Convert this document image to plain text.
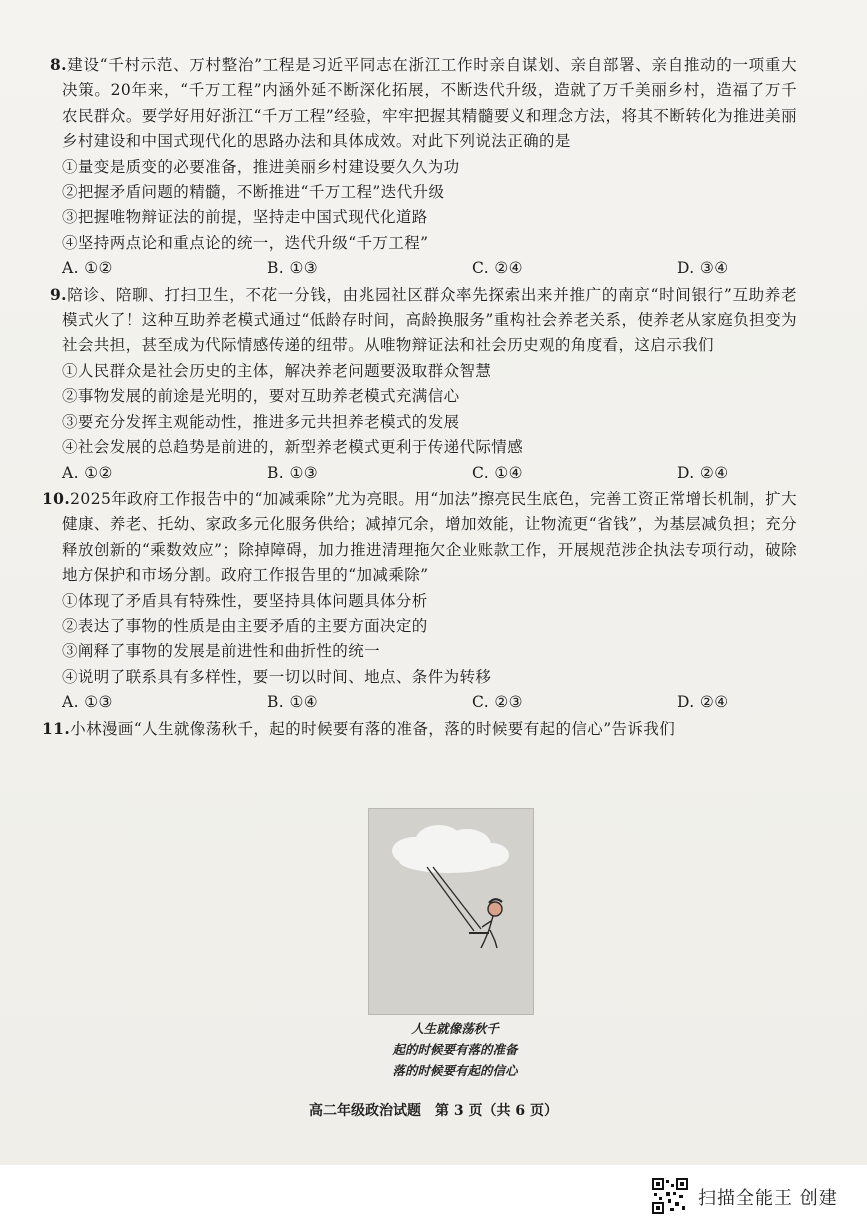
8.建设“千村示范、万村整治”工程是习近平同志在浙江工作时亲自谋划、亲自部署、亲自推动的一项重大决策。20年来，“千万工程”内涵外延不断深化拓展，不断迭代升级，造就了万千美丽乡村，造福了万千农民群众。要学好用好浙江“千万工程”经验，牢牢把握其精髓要义和理念方法，将其不断转化为推进美丽乡村建设和中国式现代化的思路办法和具体成效。对此下列说法正确的是
①量变是质变的必要准备，推进美丽乡村建设要久久为功
②把握矛盾问题的精髓，不断推进“千万工程”迭代升级
③把握唯物辩证法的前提，坚持走中国式现代化道路
④坚持两点论和重点论的统一，迭代升级“千万工程”
A. ①②	B. ①③	C. ②④	D. ③④
9.陪诊、陪聊、打扫卫生，不花一分钱，由兆园社区群众率先探索出来并推广的南京“时间银行”互助养老模式火了！这种互助养老模式通过“低龄存时间，高龄换服务”重构社会养老关系，使养老从家庭负担变为社会共担，甚至成为代际情感传递的纽带。从唯物辩证法和社会历史观的角度看，这启示我们
①人民群众是社会历史的主体，解决养老问题要汲取群众智慧
②事物发展的前途是光明的，要对互助养老模式充满信心
③要充分发挥主观能动性，推进多元共担养老模式的发展
④社会发展的总趋势是前进的，新型养老模式更利于传递代际情感
A. ①②	B. ①③	C. ①④	D. ②④
10.2025年政府工作报告中的“加减乘除”尤为亮眼。用“加法”擦亮民生底色，完善工资正常增长机制，扩大健康、养老、托幼、家政多元化服务供给；减掉冗余，增加效能，让物流更“省钱”，为基层减负担；充分释放创新的“乘数效应”；除掉障碍，加力推进清理拖欠企业账款工作，开展规范涉企执法专项行动，破除地方保护和市场分割。政府工作报告里的“加减乘除”
①体现了矛盾具有特殊性，要坚持具体问题具体分析
②表达了事物的性质是由主要矛盾的主要方面决定的
③阐释了事物的发展是前进性和曲折性的统一
④说明了联系具有多样性，要一切以时间、地点、条件为转移
A. ①③	B. ①④	C. ②③	D. ②④
11.小林漫画“人生就像荡秋千，起的时候要有落的准备，落的时候要有起的信心”告诉我们
人生就像荡秋千
起的时候要有落的准备
落的时候要有起的信心
高二年级政治试题　第 3 页（共 6 页）
扫描全能王 创建
